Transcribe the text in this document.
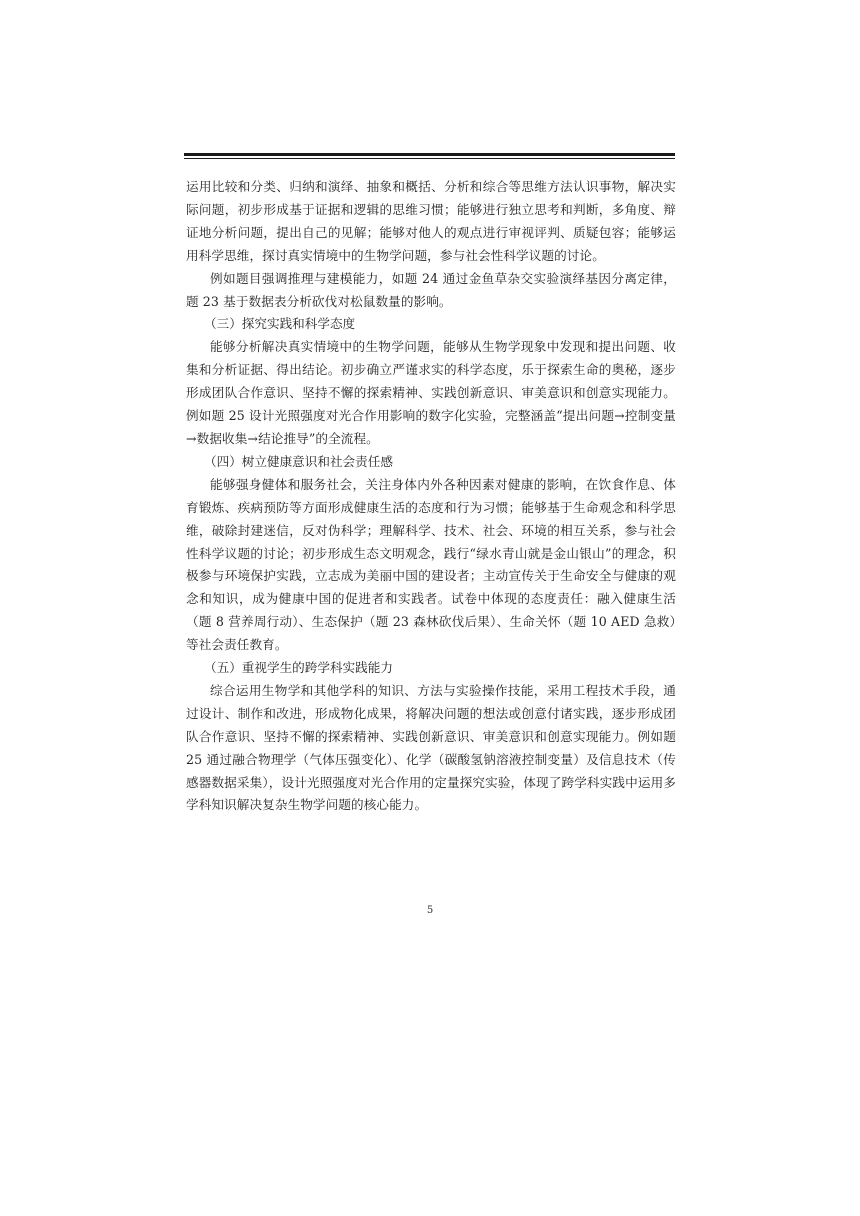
运用比较和分类、归纳和演绎、抽象和概括、分析和综合等思维方法认识事物，解决实际问题，初步形成基于证据和逻辑的思维习惯；能够进行独立思考和判断，多角度、辩证地分析问题，提出自己的见解；能够对他人的观点进行审视评判、质疑包容；能够运用科学思维，探讨真实情境中的生物学问题，参与社会性科学议题的讨论。

例如题目强调推理与建模能力，如题 24 通过金鱼草杂交实验演绎基因分离定律，题 23 基于数据表分析砍伐对松鼠数量的影响。

（三）探究实践和科学态度

能够分析解决真实情境中的生物学问题，能够从生物学现象中发现和提出问题、收集和分析证据、得出结论。初步确立严谨求实的科学态度，乐于探索生命的奥秘，逐步形成团队合作意识、坚持不懈的探索精神、实践创新意识、审美意识和创意实现能力。例如题 25 设计光照强度对光合作用影响的数字化实验，完整涵盖“提出问题→控制变量→数据收集→结论推导”的全流程。

（四）树立健康意识和社会责任感

能够强身健体和服务社会，关注身体内外各种因素对健康的影响，在饮食作息、体育锻炼、疾病预防等方面形成健康生活的态度和行为习惯；能够基于生命观念和科学思维，破除封建迷信，反对伪科学；理解科学、技术、社会、环境的相互关系，参与社会性科学议题的讨论；初步形成生态文明观念，践行“绿水青山就是金山银山”的理念，积极参与环境保护实践，立志成为美丽中国的建设者；主动宣传关于生命安全与健康的观念和知识，成为健康中国的促进者和实践者。试卷中体现的态度责任：融入健康生活（题 8 营养周行动）、生态保护（题 23 森林砍伐后果）、生命关怀（题 10 AED 急救）等社会责任教育。

（五）重视学生的跨学科实践能力

综合运用生物学和其他学科的知识、方法与实验操作技能，采用工程技术手段，通过设计、制作和改进，形成物化成果，将解决问题的想法或创意付诸实践，逐步形成团队合作意识、坚持不懈的探索精神、实践创新意识、审美意识和创意实现能力。例如题 25 通过融合物理学（气体压强变化）、化学（碳酸氢钠溶液控制变量）及信息技术（传感器数据采集），设计光照强度对光合作用的定量探究实验，体现了跨学科实践中运用多学科知识解决复杂生物学问题的核心能力。

5
